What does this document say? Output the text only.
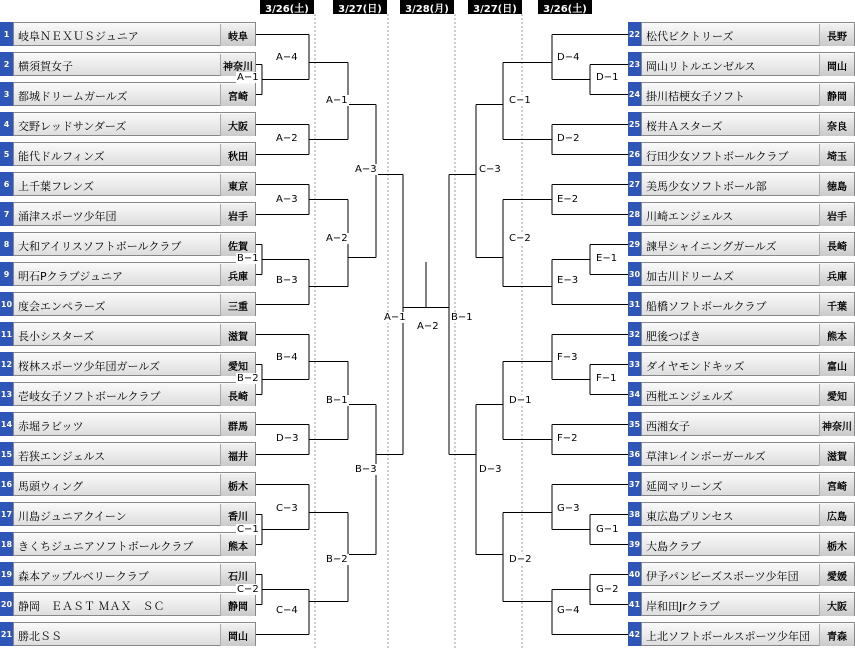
3/26(土)	3/27(日)	3/28(月)	3/27(日)	3/26(土)
1 岐阜ＮＥＸＵＳジュニア	岐阜
2 横須賀女子	神奈川
3 都城ドリームガールズ	宮崎
4 交野レッドサンダーズ	大阪
5 能代ドルフィンズ	秋田
6 上千葉フレンズ	東京
7 涌津スポーツ少年団	岩手
8 大和アイリスソフトボールクラブ	佐賀
9 明石Pクラブジュニア	兵庫
10 度会エンペラーズ	三重
11 長小シスターズ	滋賀
12 桜林スポーツ少年団ガールズ	愛知
13 壱岐女子ソフトボールクラブ	長崎
14 赤堀ラビッツ	群馬
15 若狭エンジェルス	福井
16 馬頭ウィング	栃木
17 川島ジュニアクイーン	香川
18 きくちジュニアソフトボールクラブ	熊本
19 森本アップルベリークラブ	石川
20 静岡　ＥＡＳＴ ＭＡＸ　ＳＣ	静岡
21 勝北ＳＳ	岡山
22 松代ビクトリーズ	長野
23 岡山リトルエンゼルス	岡山
24 掛川桔梗女子ソフト	静岡
25 桜井Ａスターズ	奈良
26 行田少女ソフトボールクラブ	埼玉
27 美馬少女ソフトボール部	徳島
28 川崎エンジェルス	岩手
29 諫早シャイニングガールズ	長崎
30 加古川ドリームズ	兵庫
31 船橋ソフトボールクラブ	千葉
32 肥後つばき	熊本
33 ダイヤモンドキッズ	富山
34 西枇エンジェルズ	愛知
35 西湘女子	神奈川
36 草津レインボーガールズ	滋賀
37 延岡マリーンズ	宮崎
38 東広島プリンセス	広島
39 大島クラブ	栃木
40 伊予パンビーズスポーツ少年団	愛媛
41 岸和田Jrクラブ	大阪
42 上北ソフトボールスポーツ少年団	青森
A−1
A−4
A−2
A−3
B−1
B−3
B−2
B−4
D−3
C−1
C−3
C−2
C−4
A−1
A−2
B−1
B−2
A−3
B−3
A−1
A−2
B−1
D−4
D−1
D−2
E−2
E−1
E−3
F−3
F−1
F−2
G−3
G−1
G−2
G−4
C−1
C−2
D−1
D−2
C−3
D−3
